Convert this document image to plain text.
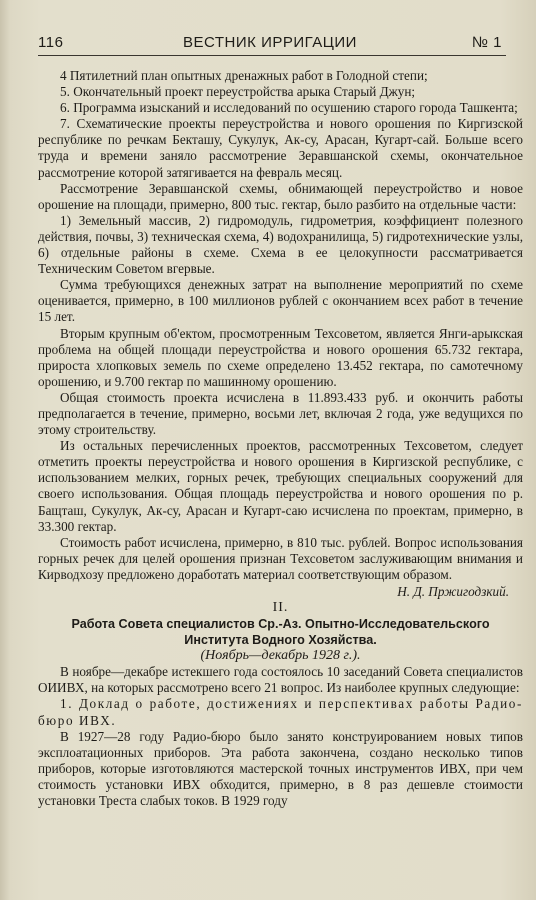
116	ВЕСТНИК ИРРИГАЦИИ	№ 1

4 Пятилетний план опытных дренажных работ в Голодной степи;

5. Окончательный проект переустройства арыка Старый Джун;

6. Программа изысканий и исследований по осушению старого города Ташкента;

7. Схематические проекты переустройства и нового орошения по Киргизской республике по речкам Бекташу, Сукулук, Ак-су, Арасан, Кугарт-сай. Больше всего труда и времени заняло рассмотрение Зеравшанской схемы, окончательное рассмотрение которой затягивается на февраль месяц.

Рассмотрение Зеравшанской схемы, обнимающей переустройство и новое орошение на площади, примерно, 800 тыс. гектар, было разбито на отдельные части:

1) Земельный массив, 2) гидромодуль, гидрометрия, коэффициент полезного действия, почвы, 3) техническая схема, 4) водохранилища, 5) гидротехнические узлы, 6) отдельные районы в схеме. Схема в ее целокупности рассматривается Техническим Советом вгервые.

Сумма требующихся денежных затрат на выполнение мероприятий по схеме оценивается, примерно, в 100 миллионов рублей с окончанием всех работ в течение 15 лет.

Вторым крупным об'ектом, просмотренным Техсоветом, является Янги-арыкская проблема на общей площади переустройства и нового орошения 65.732 гектара, прироста хлопковых земель по схеме определено 13.452 гектара, по самотечному орошению, и 9.700 гектар по машинному орошению.

Общая стоимость проекта исчислена в 11.893.433 руб. и окончить работы предполагается в течение, примерно, восьми лет, включая 2 года, уже ведущихся по этому строительству.

Из остальных перечисленных проектов, рассмотренных Техсоветом, следует отметить проекты переустройства и нового орошения в Киргизской республике, с использованием мелких, горных речек, требующих специальных сооружений для своего использования. Общая площадь переустройства и нового орошения по р. Бащташ, Сукулук, Ак-су, Арасан и Кугарт-саю исчислена по проектам, примерно, в 33.300 гектар.

Стоимость работ исчислена, примерно, в 810 тыс. рублей. Вопрос использования горных речек для целей орошения признан Техсоветом заслуживающим внимания и Кирводхозу предложено доработать материал соответствующим образом.

Н. Д. Пржигодзкий.

II.

Работа Совета специалистов Ср.-Аз. Опытно-Исследовательского Института Водного Хозяйства.

(Ноябрь—декабрь 1928 г.).

В ноябре—декабре истекшего года состоялось 10 заседаний Совета специалистов ОИИВХ, на которых рассмотрено всего 21 вопрос. Из наиболее крупных следующие:

1. Доклад о работе, достижениях и перспективах работы Радио-бюро ИВХ.

В 1927—28 году Радио-бюро было занято конструированием новых типов эксплоатационных приборов. Эта работа закончена, создано несколько типов приборов, которые изготовляются мастерской точных инструментов ИВХ, при чем стоимость установки ИВХ обходится, примерно, в 8 раз дешевле стоимости установки Треста слабых токов. В 1929 году
